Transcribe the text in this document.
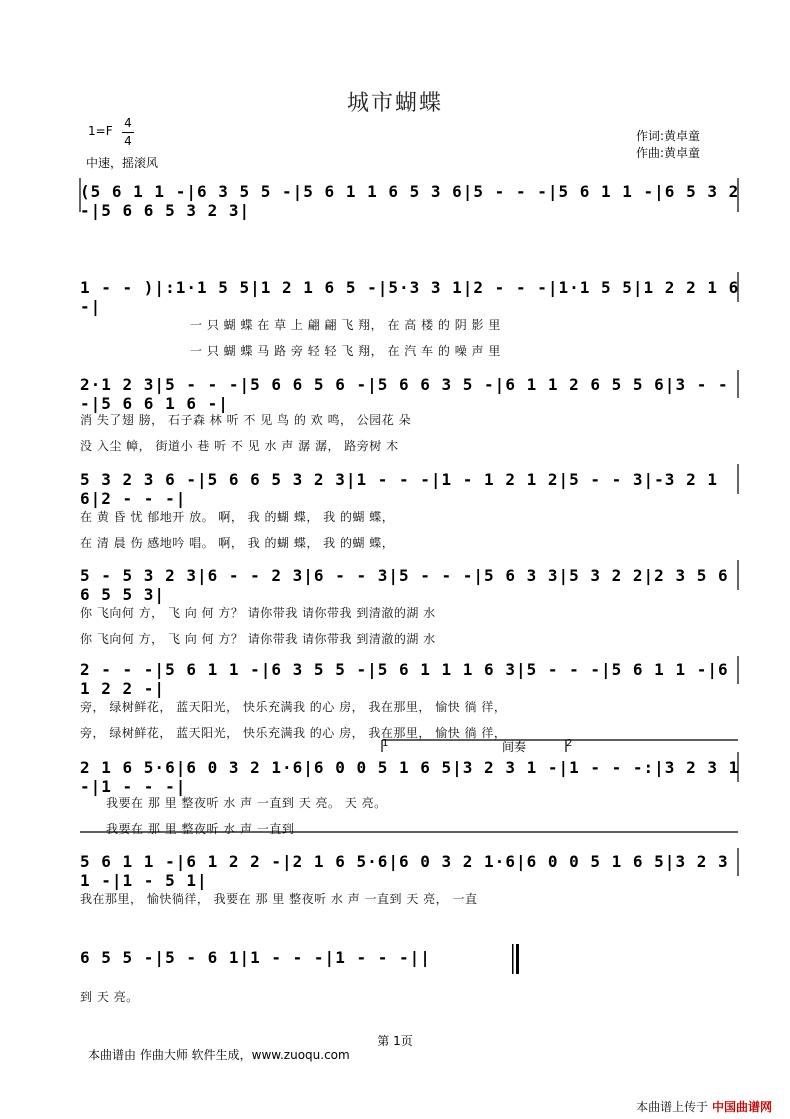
城市蝴蝶
1=F
4
4
中速，摇滚风
作词:黄卓童
作曲:黄卓童
(5 6 1 1 -|6 3 5 5 -|5 6 1 1 6 5 3 6|5 - - -|5 6 1 1 -|6 5 3 2 -|5 6 6 5 3 2 3|
1 - - )|:1·1 5 5|1 2 1 6 5 -|5·3 3 1|2 - - -|1·1 5 5|1 2 2 1 6 -|
一 只 蝴 蝶 在 草 上 翩 翩 飞 翔， 在 高 楼 的 阴 影 里
一 只 蝴 蝶 马 路 旁 轻 轻 飞 翔， 在 汽 车 的 噪 声 里
2·1 2 3|5 - - -|5 6 6 5 6 -|5 6 6 3 5 -|6 1 1 2 6 5 5 6|3 - - -|5 6 6 1 6 -|
消 失了翅 膀， 石子森 林 听 不 见 鸟 的 欢 鸣， 公园花 朵
没 入尘 幛， 街道小 巷 听 不 见 水 声 潺 潺， 路旁树 木
5 3 2 3 6 -|5 6 6 5 3 2 3|1 - - -|1 - 1 2 1 2|5 - - 3|-3 2 1 6|2 - - -|
在 黄 昏 忧 郁地开 放。 啊， 我 的蝴 蝶， 我 的蝴 蝶，
在 清 晨 伤 感地吟 唱。 啊， 我 的蝴 蝶， 我 的蝴 蝶，
5 - 5 3 2 3|6 - - 2 3|6 - - 3|5 - - -|5 6 3 3|5 3 2 2|2 3 5 6 6 5 5 3|
你 飞向何 方， 飞 向 何 方？ 请你带我 请你带我 到清澈的湖 水
你 飞向何 方， 飞 向 何 方？ 请你带我 请你带我 到清澈的湖 水
2 - - -|5 6 1 1 -|6 3 5 5 -|5 6 1 1 1 6 3|5 - - -|5 6 1 1 -|6 1 2 2 -|
旁， 绿树鲜花， 蓝天阳光， 快乐充满我 的心 房， 我在那里， 愉快 徜 徉，
旁， 绿树鲜花， 蓝天阳光， 快乐充满我 的心 房， 我在那里， 愉快 徜 徉，
1	2
间奏
2 1 6 5·6|6 0 3 2 1·6|6 0 0 5 1 6 5|3 2 3 1 -|1 - - -:|3 2 3 1 -|1 - - -|
我要在 那 里 整夜听 水 声 一直到 天 亮。 天 亮。
我要在 那 里 整夜听 水 声 一直到
5 6 1 1 -|6 1 2 2 -|2 1 6 5·6|6 0 3 2 1·6|6 0 0 5 1 6 5|3 2 3 1 -|1 - 5 1|
我在那里， 愉快徜徉， 我要在 那 里 整夜听 水 声 一直到 天 亮， 一直
6 5 5 -|5 - 6 1|1 - - -|1 - - -||
到 天 亮。
第 1页
本曲谱由 作曲大师 软件生成，www.zuoqu.com
本曲谱上传于 中国曲谱网
